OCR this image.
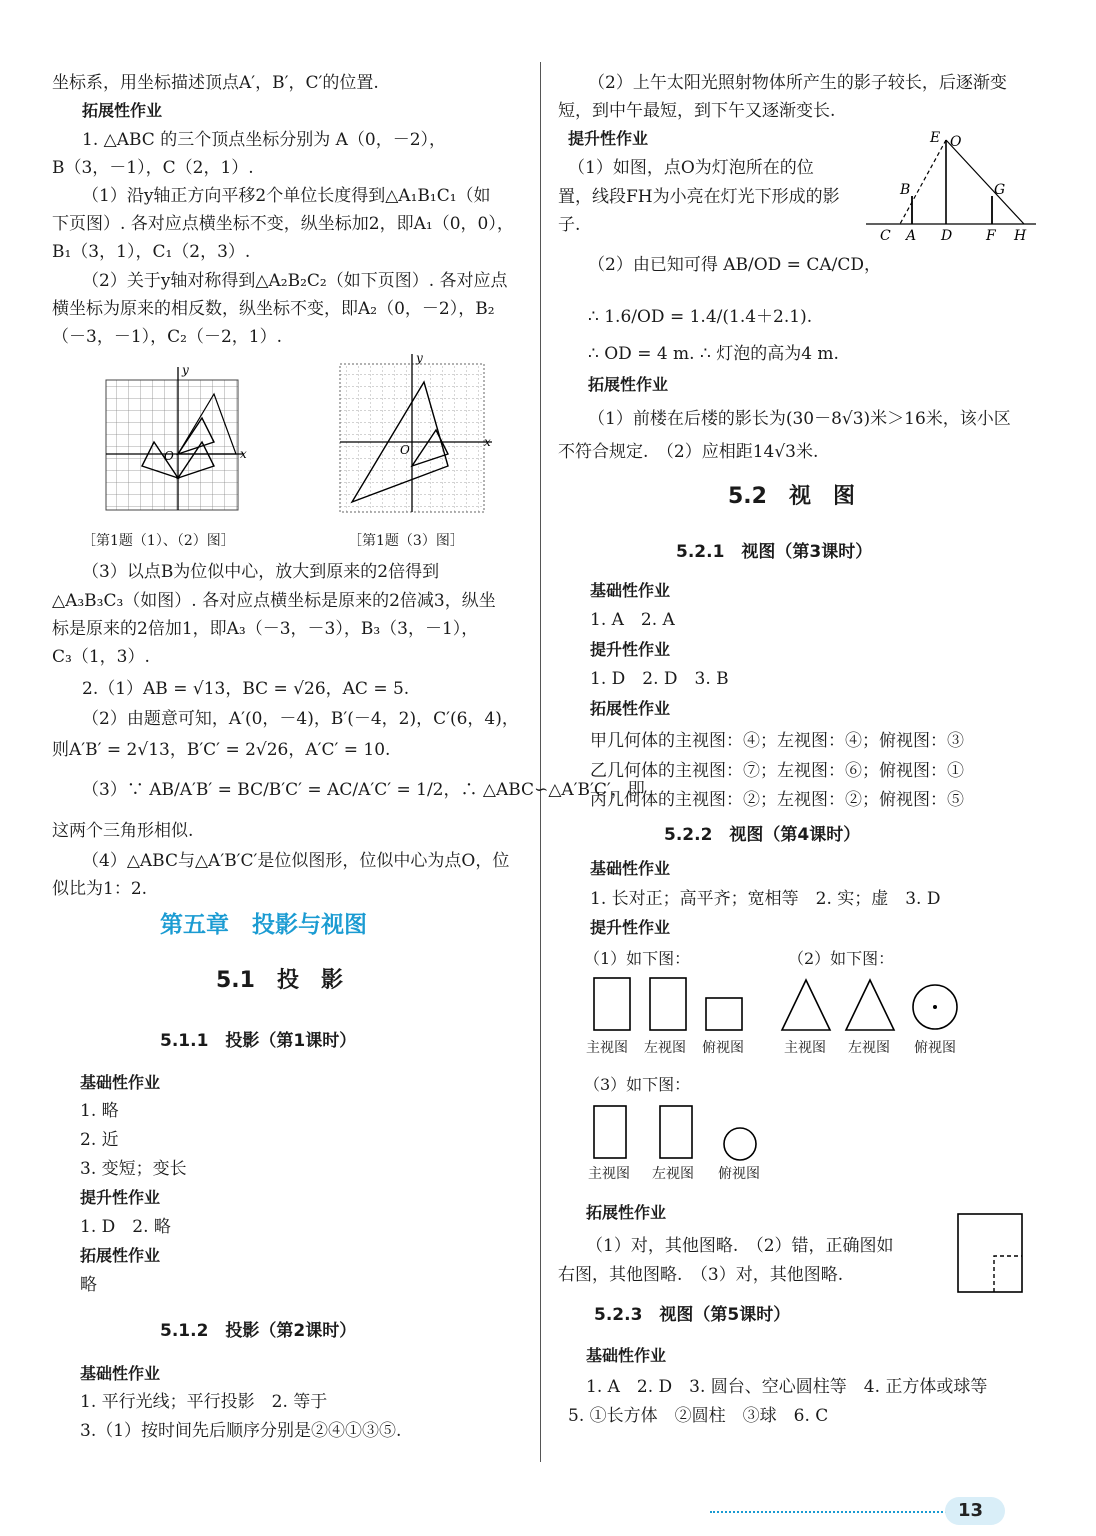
坐标系，用坐标描述顶点A′，B′，C′的位置.
拓展性作业
1. △ABC 的三个顶点坐标分别为 A（0，－2），
B（3，－1），C（2，1）.
（1）沿y轴正方向平移2个单位长度得到△A₁B₁C₁（如
下页图）. 各对应点横坐标不变，纵坐标加2，即A₁（0，0），
B₁（3，1），C₁（2，3）.
（2）关于y轴对称得到△A₂B₂C₂（如下页图）. 各对应点
横坐标为原来的相反数，纵坐标不变，即A₂（0，－2），B₂
（－3，－1），C₂（－2，1）.
y
x
O
［第1题（1）、（2）图］
y
x
O
［第1题（3）图］
（3）以点B为位似中心，放大到原来的2倍得到
△A₃B₃C₃（如图）. 各对应点横坐标是原来的2倍减3，纵坐
标是原来的2倍加1，即A₃（－3，－3），B₃（3，－1），
C₃（1，3）.
2.（1）AB = √13，BC = √26，AC = 5.
（2）由题意可知，A′(0，－4)，B′(－4，2)，C′(6，4)，
则A′B′ = 2√13，B′C′ = 2√26，A′C′ = 10.
（3）∵ AB/A′B′ = BC/B′C′ = AC/A′C′ = 1/2，∴ △ABC∽△A′B′C′，即
这两个三角形相似.
（4）△ABC与△A′B′C′是位似图形，位似中心为点O，位
似比为1：2.
第五章　投影与视图
5.1　投　影
5.1.1　投影（第1课时）
基础性作业
1. 略
2. 近
3. 变短；变长
提升性作业
1. D　2. 略
拓展性作业
略
5.1.2　投影（第2课时）
基础性作业
1. 平行光线；平行投影　2. 等于
3.（1）按时间先后顺序分别是②④①③⑤.
（2）上午太阳光照射物体所产生的影子较长，后逐渐变
短，到中午最短，到下午又逐渐变长.
提升性作业
（1）如图，点O为灯泡所在的位
置，线段FH为小亮在灯光下形成的影
子.
E O
B	G
C A D F H
（2）由已知可得 AB/OD = CA/CD，
∴ 1.6/OD = 1.4/(1.4＋2.1).
∴ OD = 4 m. ∴ 灯泡的高为4 m.
拓展性作业
（1）前楼在后楼的影长为(30－8√3)米＞16米，该小区
不符合规定.　（2）应相距14√3米.
5.2　视　图
5.2.1　视图（第3课时）
基础性作业
1. A　2. A
提升性作业
1. D　2. D　3. B
拓展性作业
甲几何体的主视图：④；左视图：④；俯视图：③
乙几何体的主视图：⑦；左视图：⑥；俯视图：①
丙几何体的主视图：②；左视图：②；俯视图：⑤
5.2.2　视图（第4课时）
基础性作业
1. 长对正；高平齐；宽相等　2. 实；虚　3. D
提升性作业
（1）如下图：	（2）如下图：
主视图 左视图 俯视图	主视图 左视图 俯视图
（3）如下图：
主视图 左视图 俯视图
拓展性作业
（1）对，其他图略.　（2）错，正确图如
右图，其他图略.　（3）对，其他图略.
5.2.3　视图（第5课时）
基础性作业
1. A　2. D　3. 圆台、空心圆柱等　4. 正方体或球等
5. ①长方体　②圆柱　③球　6. C
13
